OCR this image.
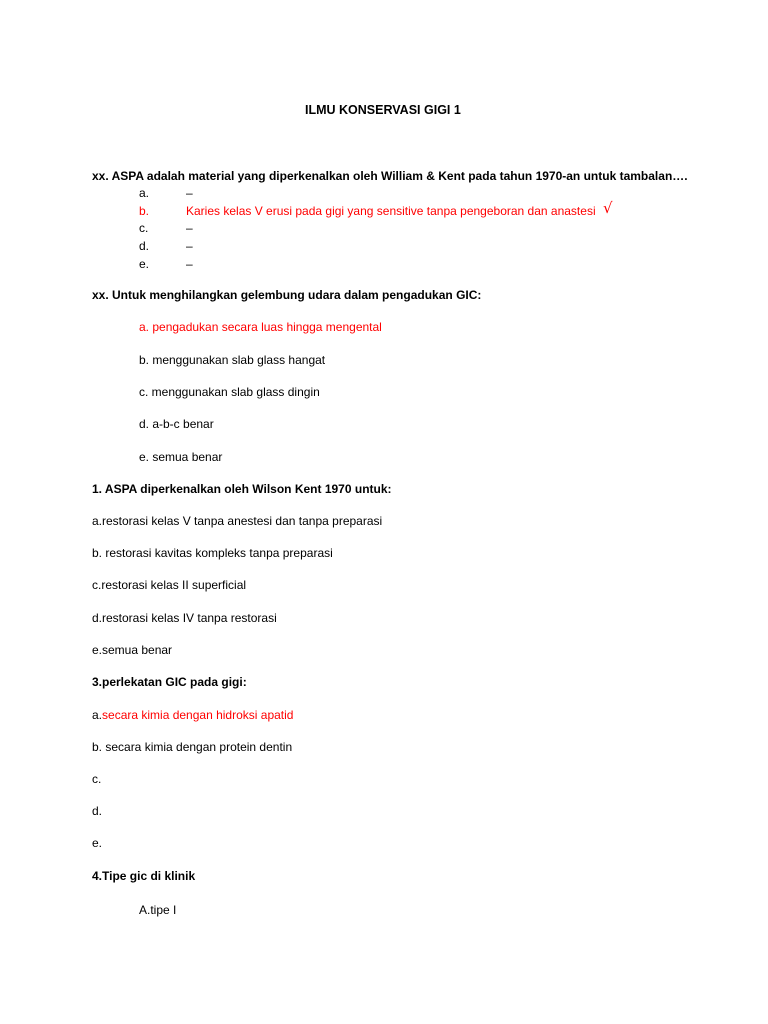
ILMU KONSERVASI GIGI 1
xx. ASPA adalah material yang diperkenalkan oleh William & Kent pada tahun 1970-an untuk tambalan….
a.	–
b.	Karies kelas V erusi pada gigi yang sensitive tanpa pengeboran dan anastesi √
c.	–
d.	–
e.	–
xx. Untuk menghilangkan gelembung udara dalam pengadukan GIC:
a. pengadukan secara luas hingga mengental
b. menggunakan slab glass hangat
c. menggunakan slab glass dingin
d. a-b-c benar
e. semua benar
1. ASPA diperkenalkan oleh Wilson Kent 1970 untuk:
a.restorasi kelas V tanpa anestesi dan tanpa preparasi
b. restorasi kavitas kompleks tanpa preparasi
c.restorasi kelas II superficial
d.restorasi kelas IV tanpa restorasi
e.semua benar
3.perlekatan GIC pada gigi:
a.secara kimia dengan hidroksi apatid
b. secara kimia dengan protein dentin
c.
d.
e.
4.Tipe gic di klinik
A.tipe I
